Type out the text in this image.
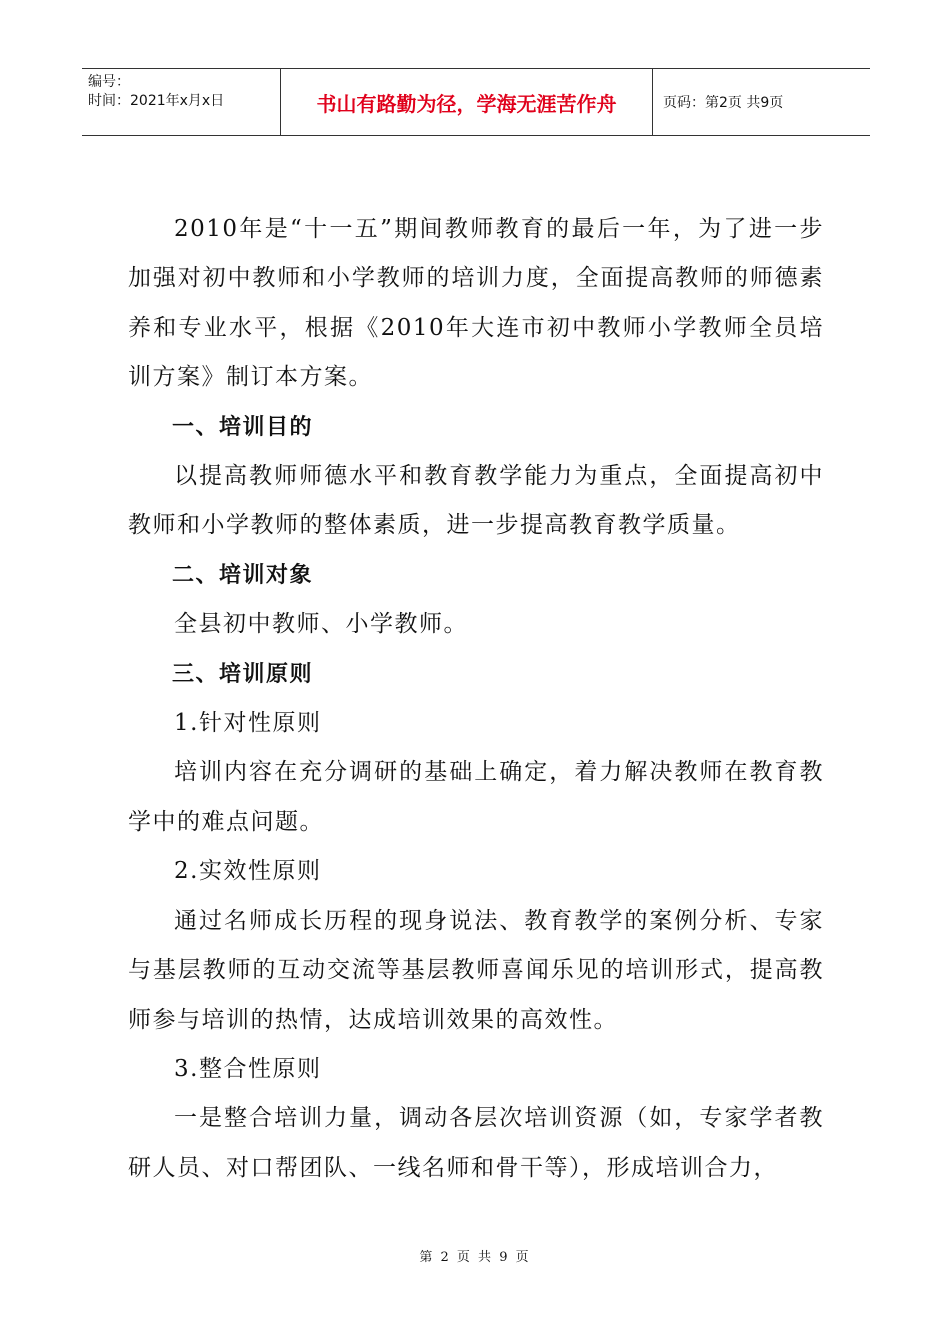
编号：
时间：2021年x月x日	书山有路勤为径，学海无涯苦作舟	页码：第2页 共9页

2010年是“十一五”期间教师教育的最后一年，为了进一步加强对初中教师和小学教师的培训力度，全面提高教师的师德素养和专业水平，根据《2010年大连市初中教师小学教师全员培训方案》制订本方案。

一、培训目的

以提高教师师德水平和教育教学能力为重点，全面提高初中教师和小学教师的整体素质，进一步提高教育教学质量。

二、培训对象

全县初中教师、小学教师。

三、培训原则

1.针对性原则

培训内容在充分调研的基础上确定，着力解决教师在教育教学中的难点问题。

2.实效性原则

通过名师成长历程的现身说法、教育教学的案例分析、专家与基层教师的互动交流等基层教师喜闻乐见的培训形式，提高教师参与培训的热情，达成培训效果的高效性。

3.整合性原则

一是整合培训力量，调动各层次培训资源（如，专家学者教研人员、对口帮团队、一线名师和骨干等），形成培训合力，

第 2 页 共 9 页
